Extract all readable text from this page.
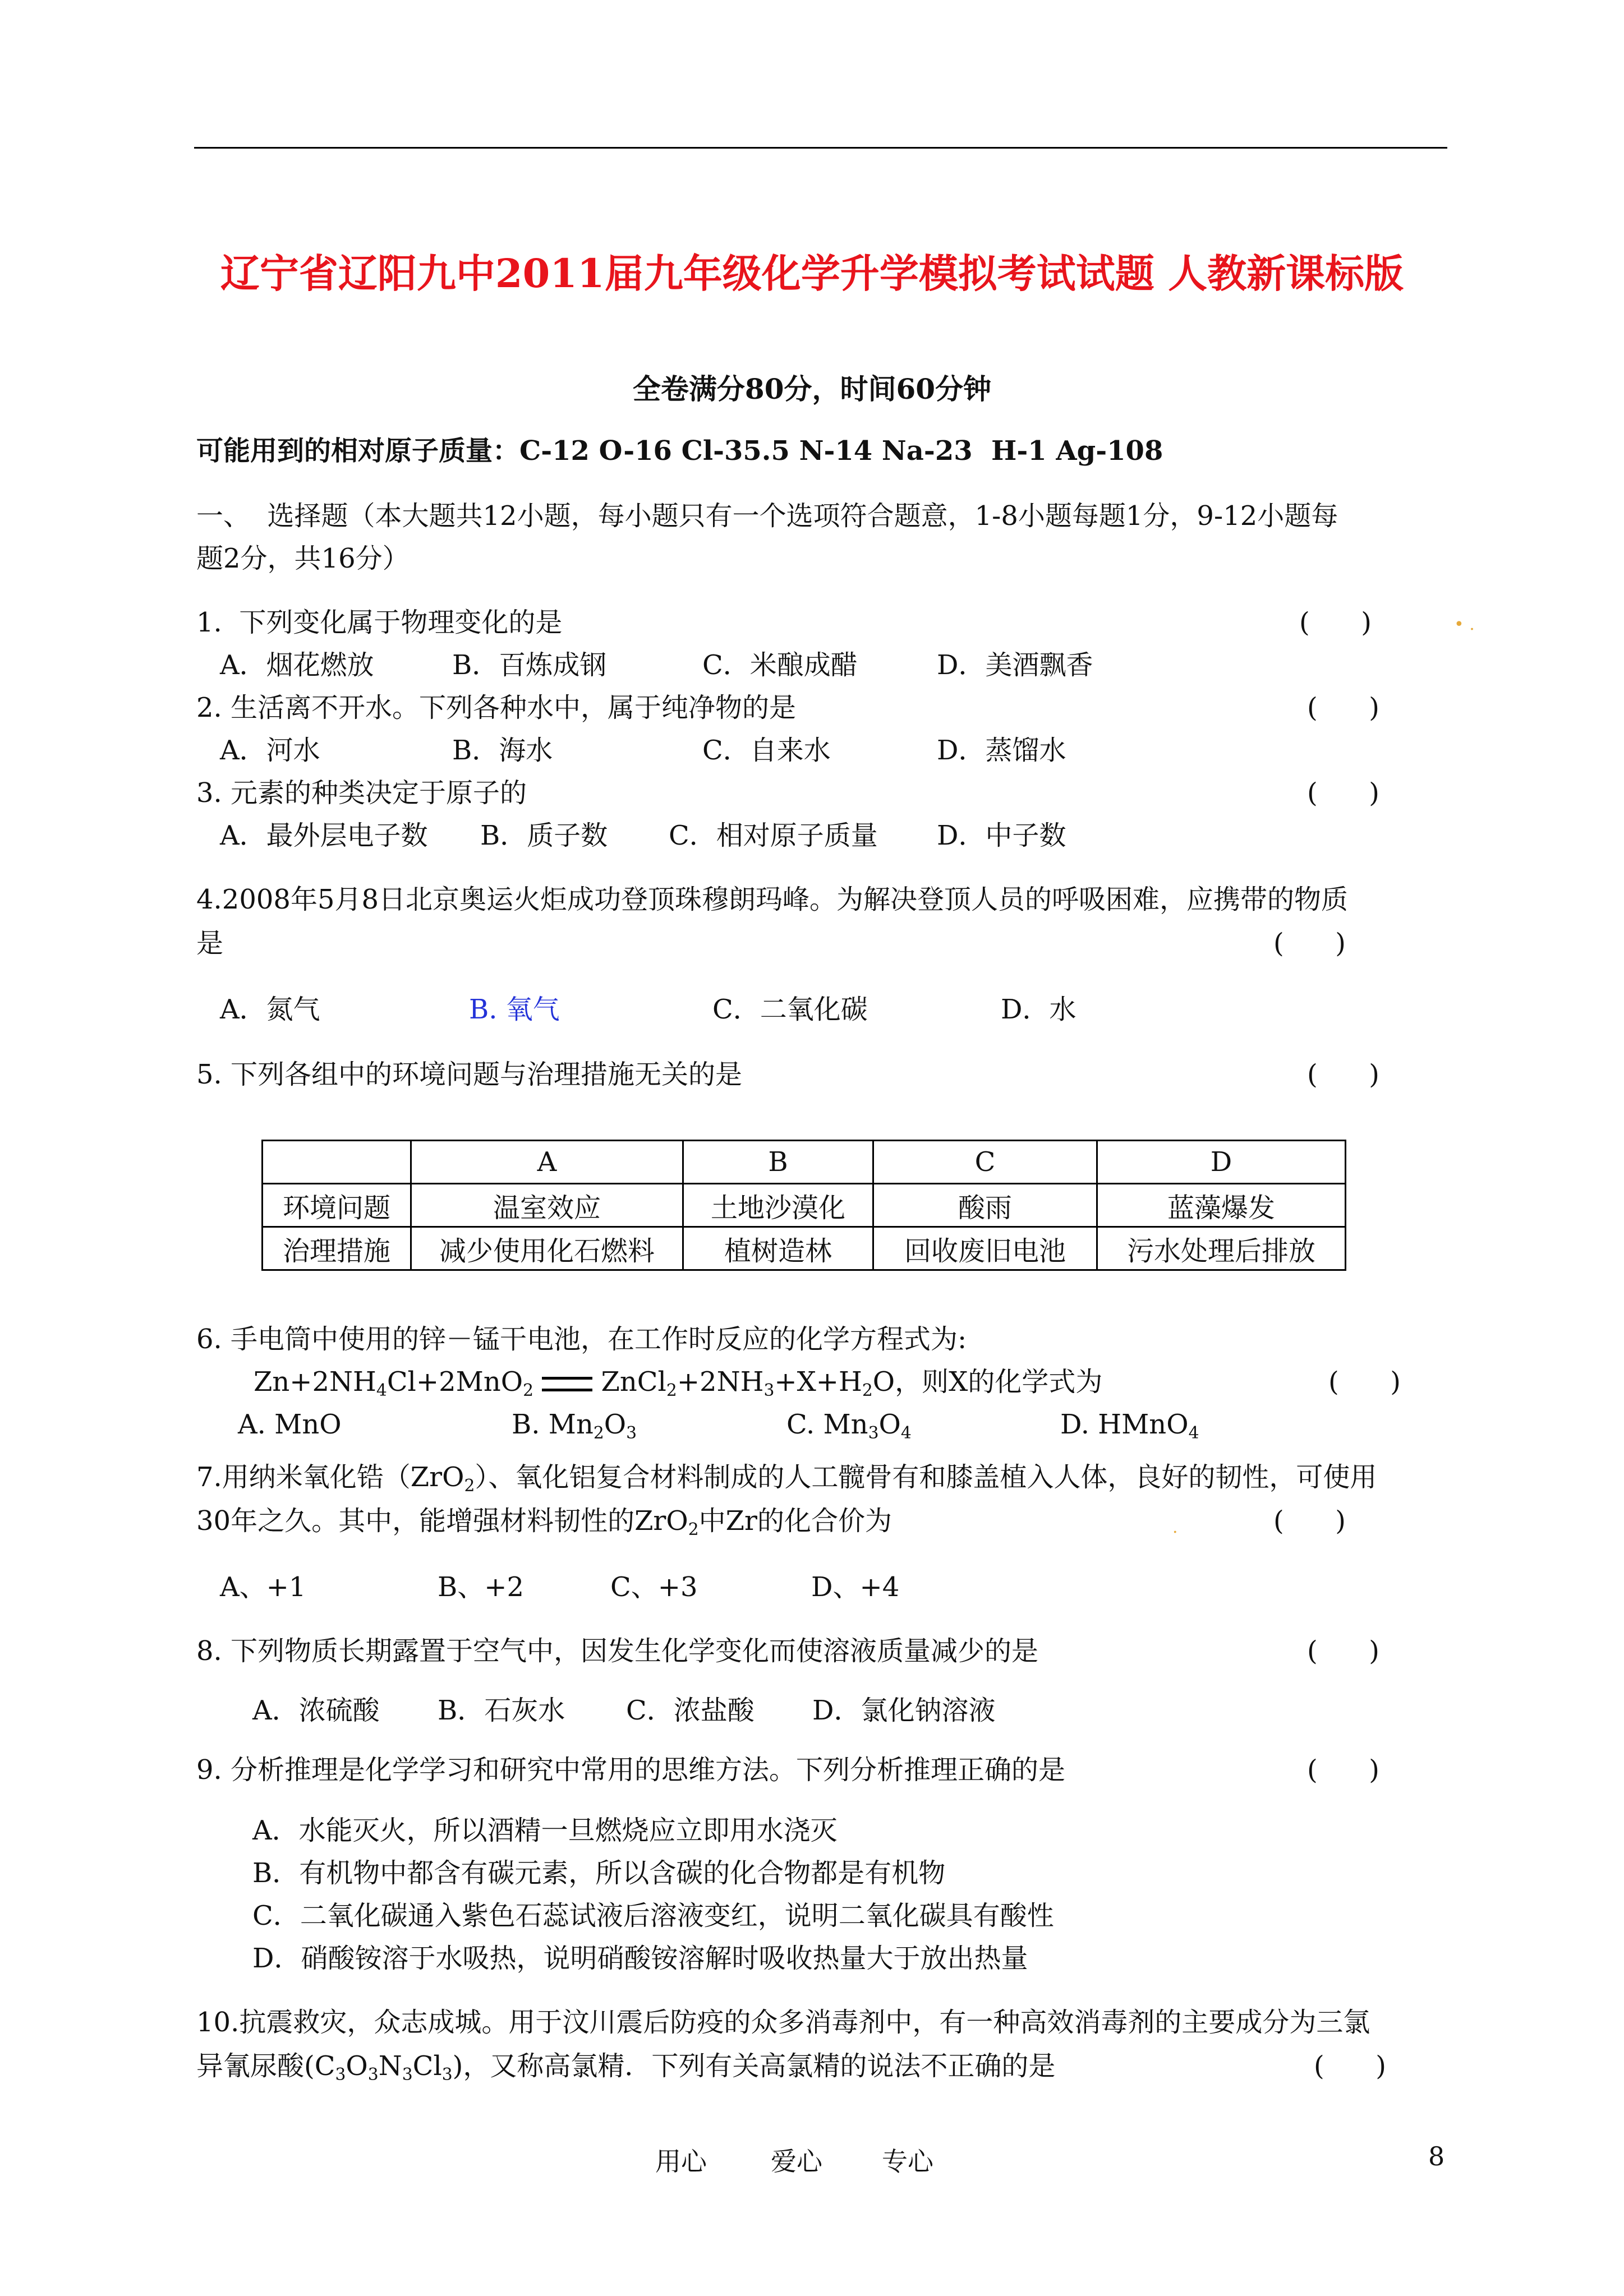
辽宁省辽阳九中2011届九年级化学升学模拟考试试题 人教新课标版
全卷满分80分，时间60分钟
可能用到的相对原子质量：C-12 O-16 Cl-35.5 N-14 Na-23  H-1 Ag-108
一、  选择题（本大题共12小题，每小题只有一个选项符合题意，1-8小题每题1分，9-12小题每
题2分，共16分）
1.  下列变化属于物理变化的是	(      )	• .
A．烟花燃放	B．百炼成钢	C．米酿成醋	D．美酒飘香
2. 生活离不开水。下列各种水中，属于纯净物的是	(      )
A．河水	B．海水	C．自来水	D．蒸馏水
3. 元素的种类决定于原子的	(      )
A．最外层电子数 B．质子数 C．相对原子质量 D．中子数
4.2008年5月8日北京奥运火炬成功登顶珠穆朗玛峰。为解决登顶人员的呼吸困难，应携带的物质
是	(      )
A．氮气	B. 氧气	C．二氧化碳	D．水
5. 下列各组中的环境问题与治理措施无关的是	(      )
	A	B	C	D
环境问题	温室效应	土地沙漠化	酸雨	蓝藻爆发
治理措施	减少使用化石燃料	植树造林	回收废旧电池	污水处理后排放
6. 手电筒中使用的锌－锰干电池，在工作时反应的化学方程式为:
$Zn+2NH_4Cl+2MnO_2$  $ZnCl_2+2NH_3+X+H_2O$，则X的化学式为	(      )
A. MnO	B. $Mn_2O_3$	C. $Mn_3O_4$	D. HMnO$_4$
7.用纳米氧化锆（ZrO$_2$）、氧化铝复合材料制成的人工髋骨有和膝盖植入人体，良好的韧性，可使用
30年之久。其中，能增强材料韧性的ZrO$_2$中Zr的化合价为	.	(      )
A、+1	B、+2	C、+3	D、+4
8. 下列物质长期露置于空气中，因发生化学变化而使溶液质量减少的是	(      )
A．浓硫酸 B．石灰水 C．浓盐酸 D．氯化钠溶液
9. 分析推理是化学学习和研究中常用的思维方法。下列分析推理正确的是	(      )
A．水能灭火，所以酒精一旦燃烧应立即用水浇灭
B．有机物中都含有碳元素，所以含碳的化合物都是有机物
C．二氧化碳通入紫色石蕊试液后溶液变红，说明二氧化碳具有酸性
D．硝酸铵溶于水吸热，说明硝酸铵溶解时吸收热量大于放出热量
10.抗震救灾，众志成城。用于汶川震后防疫的众多消毒剂中，有一种高效消毒剂的主要成分为三氯
异氰尿酸$(C_3O_3N_3Cl_3)$，又称高氯精．下列有关高氯精的说法不正确的是	(      )
用心 爱心 专心	8
